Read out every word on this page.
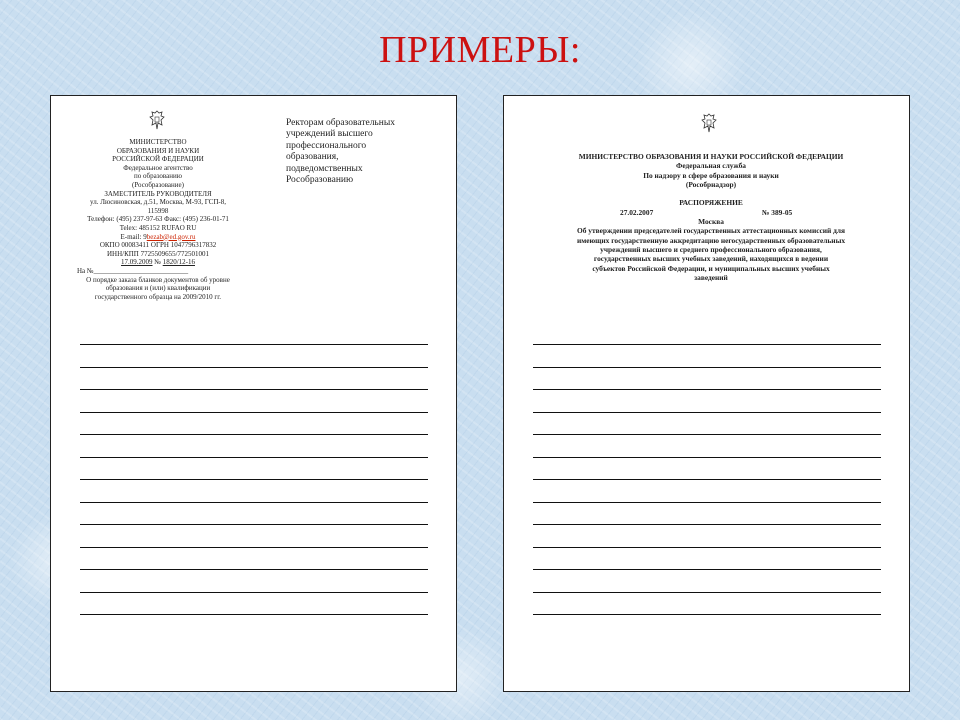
ПРИМЕРЫ:
МИНИСТЕРСТВО
ОБРАЗОВАНИЯ И НАУКИ
РОССИЙСКОЙ ФЕДЕРАЦИИ
Федеральное агентство
по образованию
(Рособразование)
ЗАМЕСТИТЕЛЬ РУКОВОДИТЕЛЯ
ул. Люсиновская, д.51, Москва, М-93, ГСП-8,
115998
Телефон: (495) 237-97-63 Факс: (495) 236-01-71
Telex: 485152 RUFAO RU
E-mail: 9bezab@ed.gov.ru
ОКПО 00083411 ОГРН 1047796317832
ИНН/КПП 7725509655/772501001
17.09.2009 № 1820/12-16
На №___________________________
О порядке заказа бланков документов об уровне
образования и (или) квалификации
государственного образца на 2009/2010 гг.
Ректорам образовательных
учреждений высшего
профессионального
образования,
подведомственных
Рособразованию
МИНИСТЕРСТВО ОБРАЗОВАНИЯ И НАУКИ РОССИЙСКОЙ ФЕДЕРАЦИИ
Федеральная служба
По надзору в сфере образования и науки
(Рособрнадзор)
РАСПОРЯЖЕНИЕ
27.02.2007	№ 389-05
Москва
Об утверждении председателей государственных аттестационных комиссий для
имеющих государственную аккредитацию негосударственных образовательных
учреждений высшего и среднего профессионального образования,
государственных высших учебных заведений, находящихся в ведении
субъектов Российской Федерации, и муниципальных высших учебных
заведений
